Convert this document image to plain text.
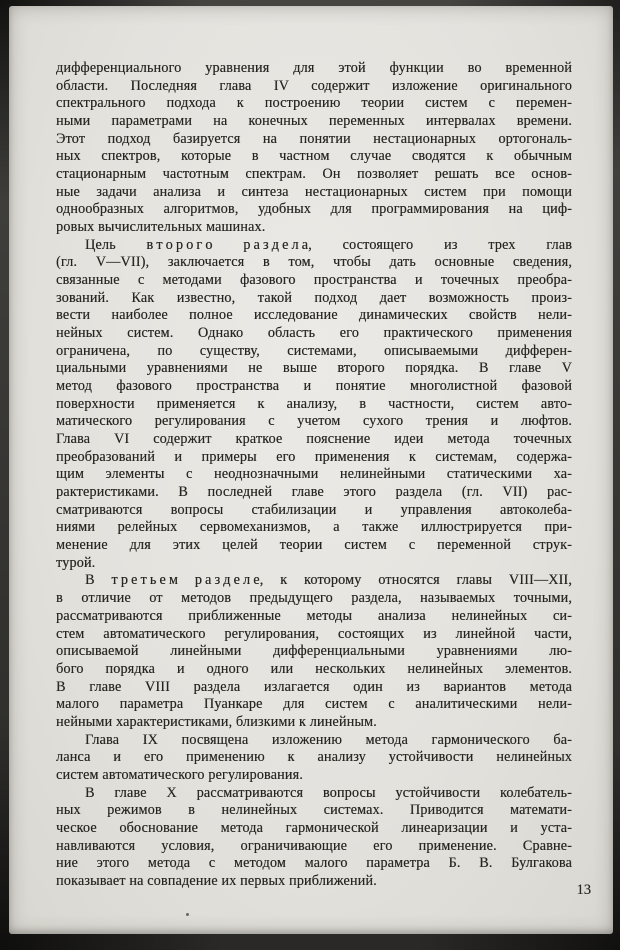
дифференциального уравнения для этой функции во временной
области. Последняя глава IV содержит изложение оригинального
спектрального подхода к построению теории систем с перемен-
ными параметрами на конечных переменных интервалах времени.
Этот подход базируется на понятии нестационарных ортогональ-
ных спектров, которые в частном случае сводятся к обычным
стационарным частотным спектрам. Он позволяет решать все основ-
ные задачи анализа и синтеза нестационарных систем при помощи
однообразных алгоритмов, удобных для программирования на циф-
ровых вычислительных машинах.
Цель в т о р о г о р а з д е л а, состоящего из трех глав
(гл. V—VII), заключается в том, чтобы дать основные сведения,
связанные с методами фазового пространства и точечных преобра-
зований. Как известно, такой подход дает возможность произ-
вести наиболее полное исследование динамических свойств нели-
нейных систем. Однако область его практического применения
ограничена, по существу, системами, описываемыми дифферен-
циальными уравнениями не выше второго порядка. В главе V
метод фазового пространства и понятие многолистной фазовой
поверхности применяется к анализу, в частности, систем авто-
матического регулирования с учетом сухого трения и люфтов.
Глава VI содержит краткое пояснение идеи метода точечных
преобразований и примеры его применения к системам, содержа-
щим элементы с неоднозначными нелинейными статическими ха-
рактеристиками. В последней главе этого раздела (гл. VII) рас-
сматриваются вопросы стабилизации и управления автоколеба-
ниями релейных сервомеханизмов, а также иллюстрируется при-
менение для этих целей теории систем с переменной струк-
турой.
В т р е т ь е м р а з д е л е, к которому относятся главы VIII—XII,
в отличие от методов предыдущего раздела, называемых точными,
рассматриваются приближенные методы анализа нелинейных си-
стем автоматического регулирования, состоящих из линейной части,
описываемой линейными дифференциальными уравнениями лю-
бого порядка и одного или нескольких нелинейных элементов.
В главе VIII раздела излагается один из вариантов метода
малого параметра Пуанкаре для систем с аналитическими нели-
нейными характеристиками, близкими к линейным.
Глава IX посвящена изложению метода гармонического ба-
ланса и его применению к анализу устойчивости нелинейных
систем автоматического регулирования.
В главе X рассматриваются вопросы устойчивости колебатель-
ных режимов в нелинейных системах. Приводится математи-
ческое обоснование метода гармонической линеаризации и уста-
навливаются условия, ограничивающие его применение. Сравне-
ние этого метода с методом малого параметра Б. В. Булгакова
показывает на совпадение их первых приближений.
13
